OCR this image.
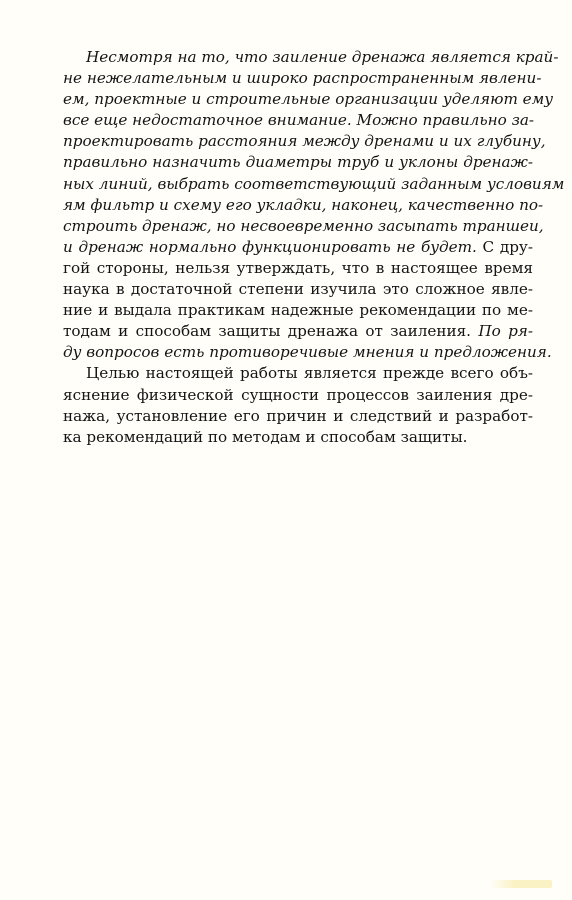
Несмотря на то, что заиление дренажа является край-
не нежелательным и широко распространенным явлени-
ем, проектные и строительные организации уделяют ему
все еще недостаточное внимание. Можно правильно за-
проектировать расстояния между дренами и их глубину,
правильно назначить диаметры труб и уклоны дренаж-
ных линий, выбрать соответствующий заданным условиям
ям фильтр и схему его укладки, наконец, качественно по-
строить дренаж, но несвоевременно засыпать траншеи,
и дренаж нормально функционировать не будет. С дру-
гой стороны, нельзя утверждать, что в настоящее время
наука в достаточной степени изучила это сложное явле-
ние и выдала практикам надежные рекомендации по ме-
тодам и способам защиты дренажа от заиления. По ря-
ду вопросов есть противоречивые мнения и предложения.
Целью настоящей работы является прежде всего объ-
яснение физической сущности процессов заиления дре-
нажа, установление его причин и следствий и разработ-
ка рекомендаций по методам и способам защиты.
